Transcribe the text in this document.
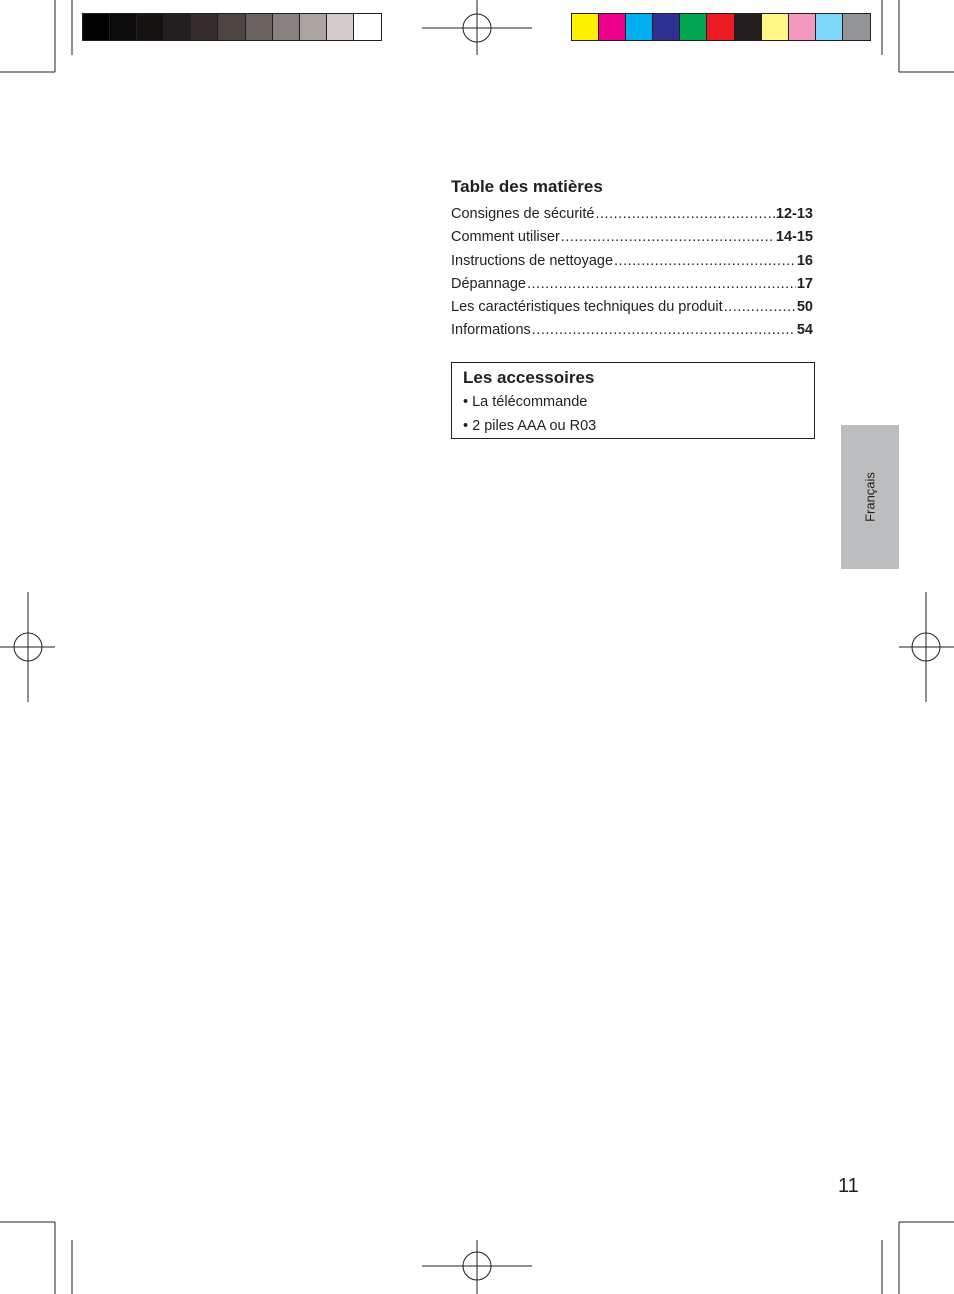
Table des matières
Consignes de sécurité .....	12-13
Comment utiliser .....	14-15
Instructions de nettoyage .....	16
Dépannage .....	17
Les caractéristiques techniques du produit .....	50
Informations .....	54
Les accessoires
• La télécommande
• 2 piles AAA ou R03
Français
11
